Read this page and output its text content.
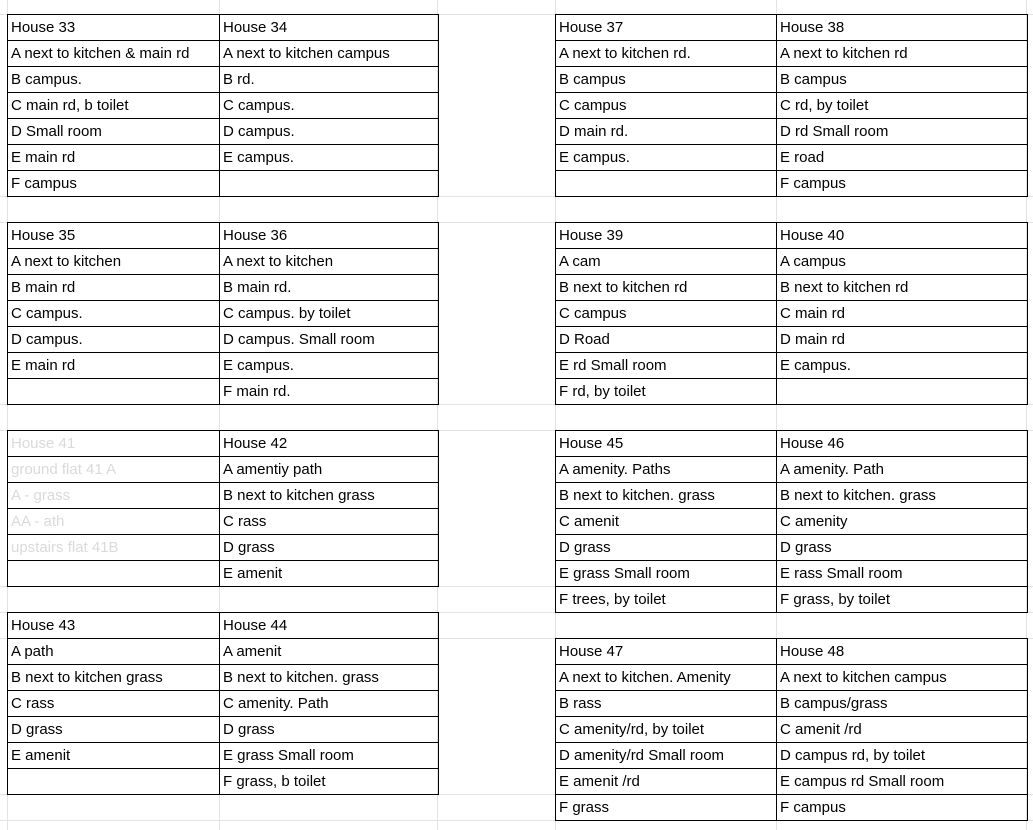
House 33	House 34
A next to kitchen & main rd	A next to kitchen campus
B campus.	B rd.
C main rd, b toilet	C campus.
D Small room	D campus.
E main rd	E campus.
F campus	
House 37	House 38
A next to kitchen rd.	A next to kitchen rd
B campus	B campus
C campus	C rd, by toilet
D main rd.	D rd Small room
E campus.	E road
	F campus
House 35	House 36
A next to kitchen	A next to kitchen
B main rd	B main rd.
C campus.	C campus. by toilet
D campus.	D campus. Small room
E main rd	E campus.
	F main rd.
House 39	House 40
A cam	A campus
B next to kitchen rd	B next to kitchen rd
C campus	C main rd
D Road	D main rd
E rd Small room	E campus.
F rd, by toilet	
House 41	House 42
ground flat 41 A	A amentiy path
A - grass	B next to kitchen grass
AA - ath	C rass
upstairs flat 41B	D grass
	E amenit
House 45	House 46
A amenity. Paths	A amenity. Path
B next to kitchen. grass	B next to kitchen. grass
C amenit	C amenity
D grass	D grass
E grass Small room	E rass Small room
F trees, by toilet	F grass, by toilet
House 43	House 44
A path	A amenit
B next to kitchen grass	B next to kitchen. grass
C rass	C amenity. Path
D grass	D grass
E amenit	E grass Small room
	F grass, b toilet
House 47	House 48
A next to kitchen. Amenity	A next to kitchen campus
B rass	B campus/grass
C amenity/rd, by toilet	C amenit /rd
D amenity/rd Small room	D campus rd, by toilet
E amenit /rd	E campus rd Small room
F grass	F campus
